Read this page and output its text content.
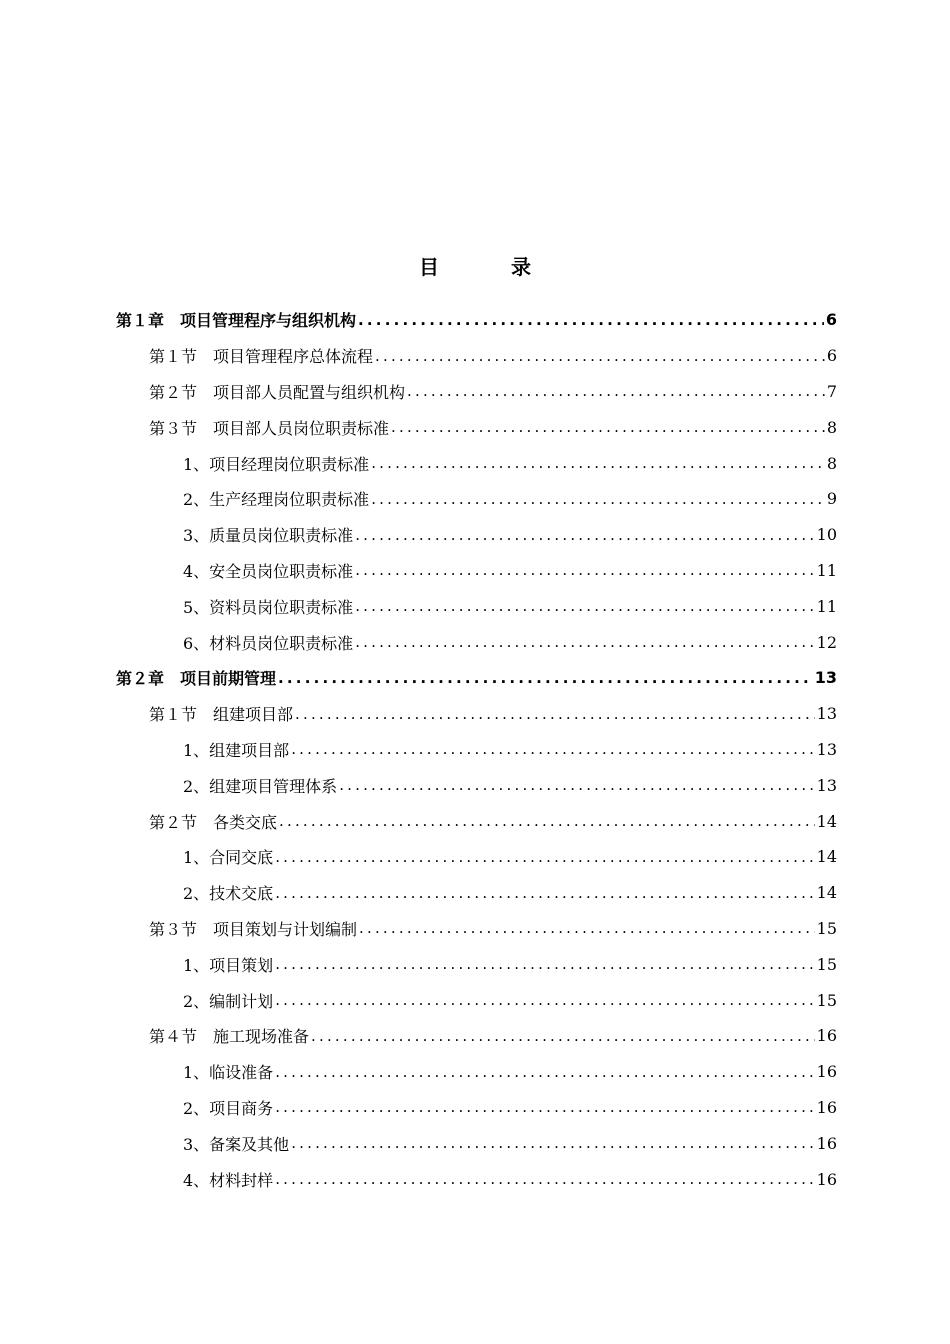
目　录
第１章　项目管理程序与组织机构 .....	6
第１节　项目管理程序总体流程 .....	6
第２节　项目部人员配置与组织机构 .....	7
第３节　项目部人员岗位职责标准 .....	8
1、项目经理岗位职责标准 .....	8
2、生产经理岗位职责标准 .....	9
3、质量员岗位职责标准 .....	10
4、安全员岗位职责标准 .....	11
5、资料员岗位职责标准 .....	11
6、材料员岗位职责标准 .....	12
第２章　项目前期管理 .....	13
第１节　组建项目部 .....	13
1、组建项目部 .....	13
2、组建项目管理体系 .....	13
第２节　各类交底 .....	14
1、合同交底 .....	14
2、技术交底 .....	14
第３节　项目策划与计划编制 .....	15
1、项目策划 .....	15
2、编制计划 .....	15
第４节　施工现场准备 .....	16
1、临设准备 .....	16
2、项目商务 .....	16
3、备案及其他 .....	16
4、材料封样 .....	16
